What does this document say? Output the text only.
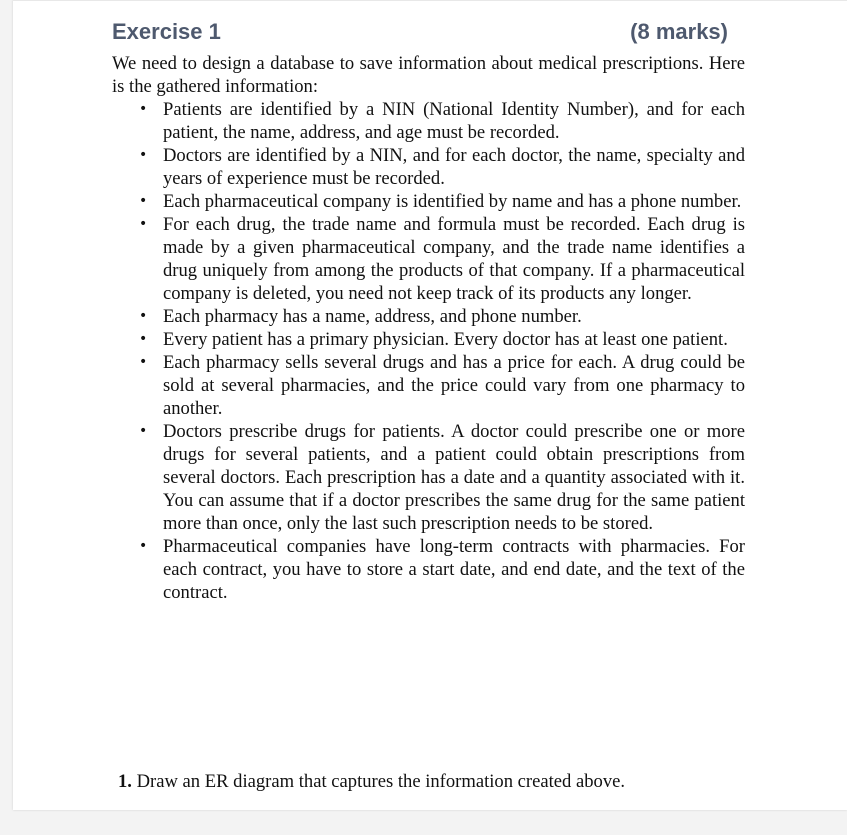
Exercise 1	(8 marks)

We need to design a database to save information about medical prescriptions. Here is the gathered information:

• Patients are identified by a NIN (National Identity Number), and for each patient, the name, address, and age must be recorded.
• Doctors are identified by a NIN, and for each doctor, the name, specialty and years of experience must be recorded.
• Each pharmaceutical company is identified by name and has a phone number.
• For each drug, the trade name and formula must be recorded. Each drug is made by a given pharmaceutical company, and the trade name identifies a drug uniquely from among the products of that company. If a pharmaceutical company is deleted, you need not keep track of its products any longer.
• Each pharmacy has a name, address, and phone number.
• Every patient has a primary physician. Every doctor has at least one patient.
• Each pharmacy sells several drugs and has a price for each. A drug could be sold at several pharmacies, and the price could vary from one pharmacy to another.
• Doctors prescribe drugs for patients. A doctor could prescribe one or more drugs for several patients, and a patient could obtain prescriptions from several doctors. Each prescription has a date and a quantity associated with it. You can assume that if a doctor prescribes the same drug for the same patient more than once, only the last such prescription needs to be stored.
• Pharmaceutical companies have long-term contracts with pharmacies. For each contract, you have to store a start date, and end date, and the text of the contract.
1. Draw an ER diagram that captures the information created above.
